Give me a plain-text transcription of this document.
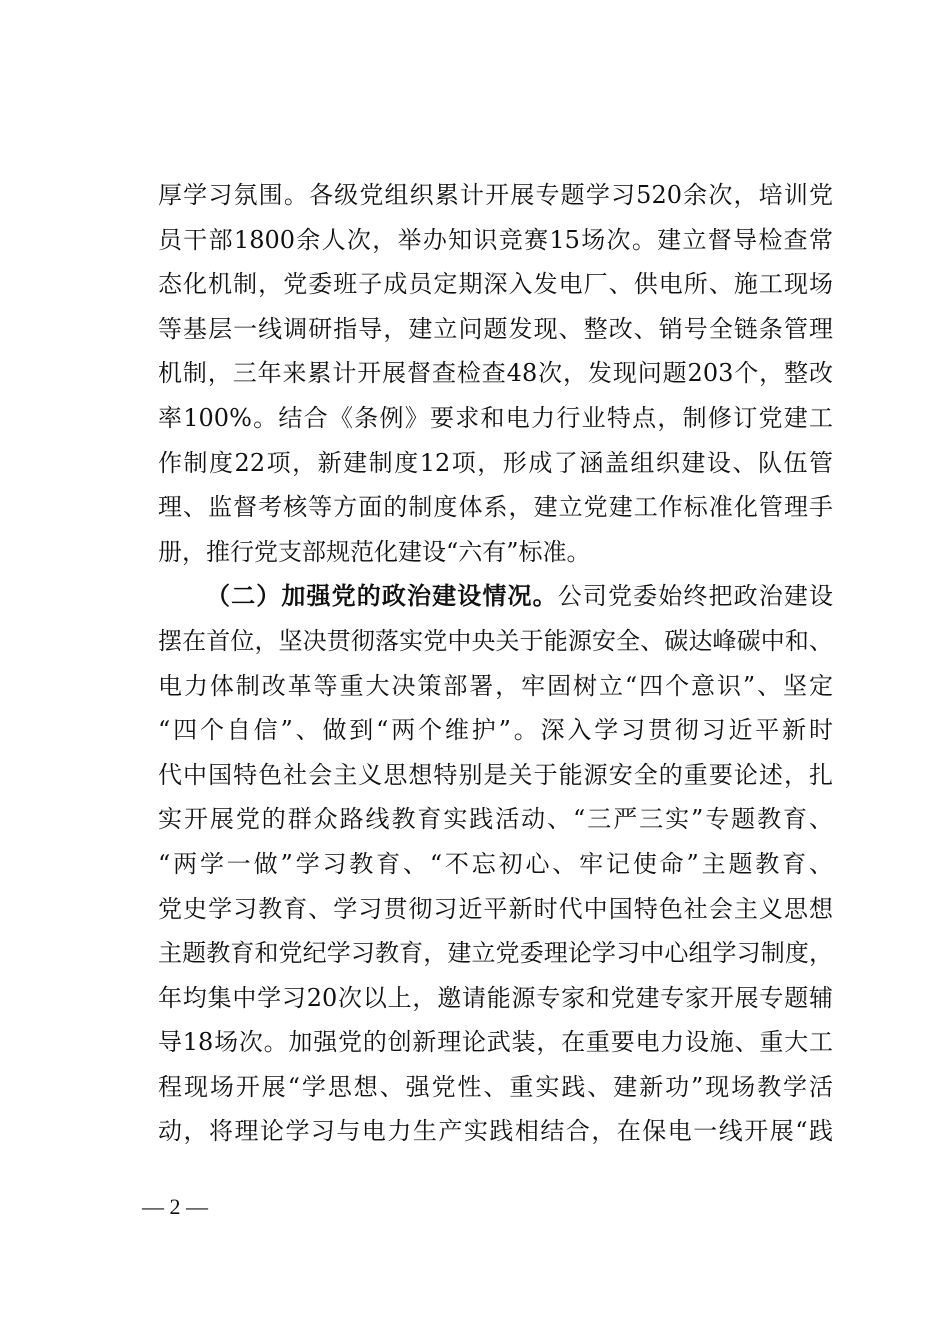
厚学习氛围。各级党组织累计开展专题学习520余次，培训党
员干部1800余人次，举办知识竞赛15场次。建立督导检查常
态化机制，党委班子成员定期深入发电厂、供电所、施工现场
等基层一线调研指导，建立问题发现、整改、销号全链条管理
机制，三年来累计开展督查检查48次，发现问题203个，整改
率100%。结合《条例》要求和电力行业特点，制修订党建工
作制度22项，新建制度12项，形成了涵盖组织建设、队伍管
理、监督考核等方面的制度体系，建立党建工作标准化管理手
册，推行党支部规范化建设“六有”标准。
（二）加强党的政治建设情况。公司党委始终把政治建设
摆在首位，坚决贯彻落实党中央关于能源安全、碳达峰碳中和、
电力体制改革等重大决策部署，牢固树立“四个意识”、坚定
“四个自信”、做到“两个维护”。深入学习贯彻习近平新时
代中国特色社会主义思想特别是关于能源安全的重要论述，扎
实开展党的群众路线教育实践活动、“三严三实”专题教育、
“两学一做”学习教育、“不忘初心、牢记使命”主题教育、
党史学习教育、学习贯彻习近平新时代中国特色社会主义思想
主题教育和党纪学习教育，建立党委理论学习中心组学习制度，
年均集中学习20次以上，邀请能源专家和党建专家开展专题辅
导18场次。加强党的创新理论武装，在重要电力设施、重大工
程现场开展“学思想、强党性、重实践、建新功”现场教学活
动，将理论学习与电力生产实践相结合，在保电一线开展“践
— 2 —
